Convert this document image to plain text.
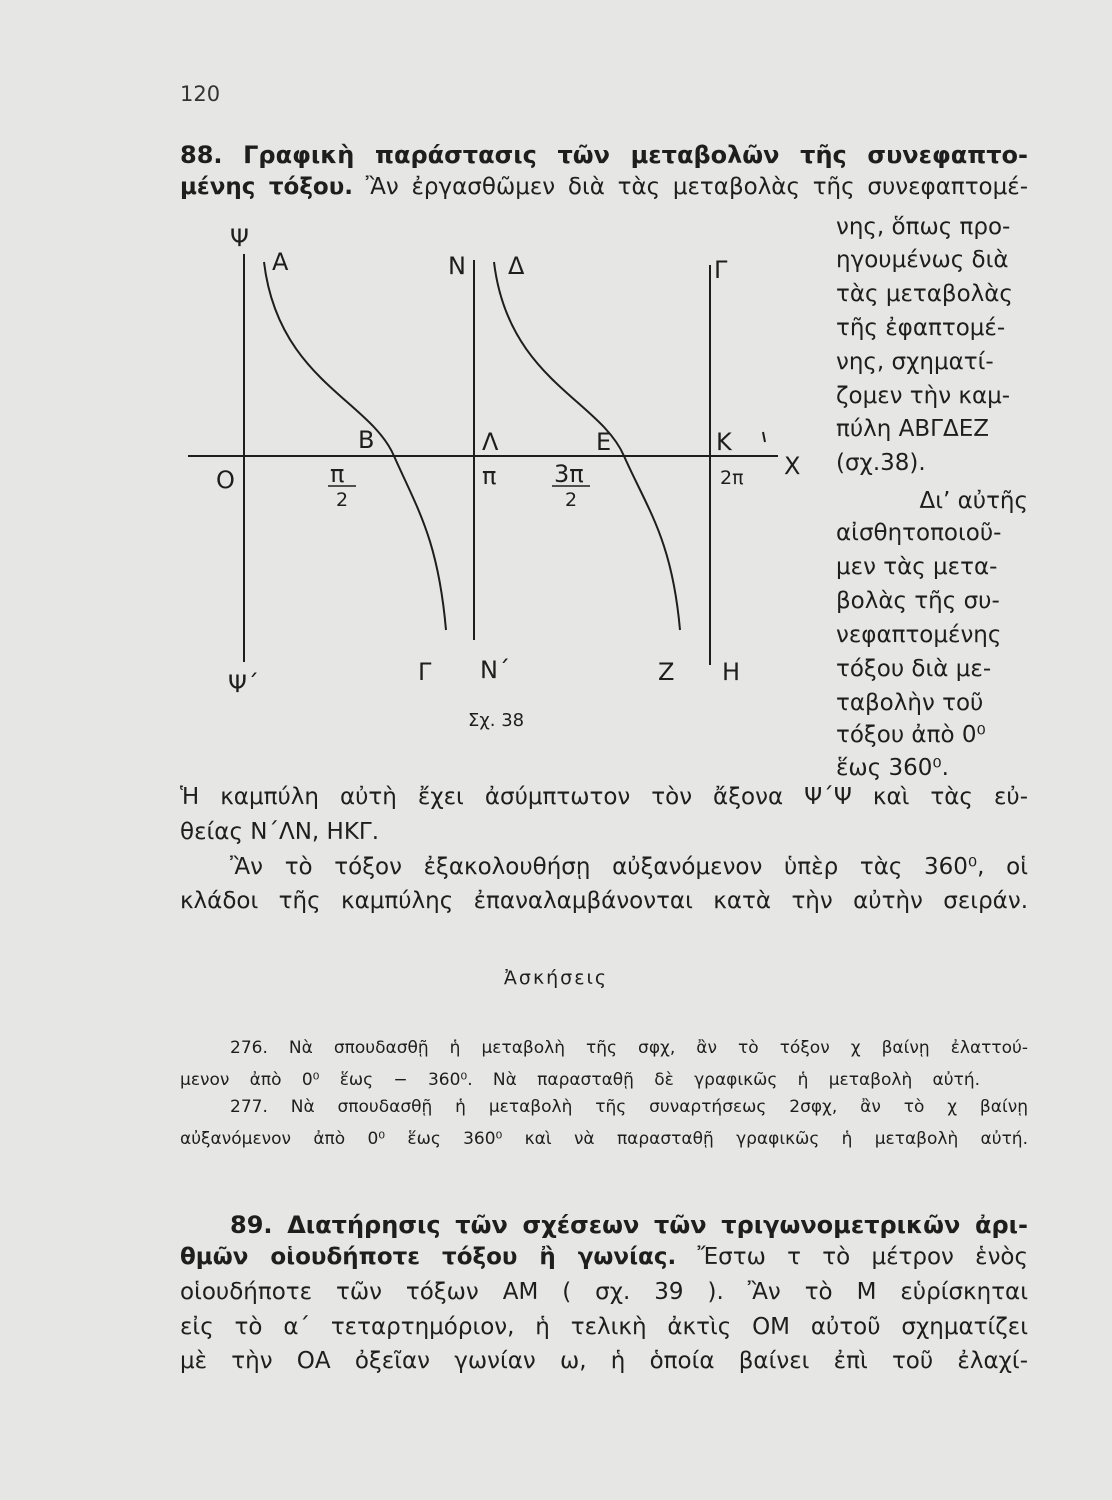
120
88. Γραφικὴ παράστασις τῶν μεταβολῶν τῆς συνεφαπτο-
μένης τόξου. Ἂν ἐργασθῶμεν διὰ τὰς μεταβολὰς τῆς συνεφαπτομέ-
νης, ὅπως προ-
ηγουμένως διὰ
τὰς μεταβολὰς
τῆς ἐφαπτομέ-
νης, σχηματί-
ζομεν τὴν καμ-
πύλη ΑΒΓΔΕΖ
(σχ.38).
Δι’ αὐτῆς
αἰσθητοποιοῦ-
μεν τὰς μετα-
βολὰς τῆς συ-
νεφαπτομένης
τόξου διὰ με-
ταβολὴν τοῦ
τόξου ἀπὸ 0⁰
ἕως 360⁰.
Ψ
Α	Ν Δ	Γ
Β	Λ	Ε	Κ
Ο	Χ
π
2
π 3π
2
2π
Γ Ν΄	Ζ Η
Ψ΄
Σχ. 38
Ἡ καμπύλη αὐτὴ ἔχει ἀσύμπτωτον τὸν ἄξονα Ψ΄Ψ καὶ τὰς εὐ-
θείας Ν΄ΛΝ, ΗΚΓ.
Ἂν τὸ τόξον ἐξακολουθήσῃ αὐξανόμενον ὑπὲρ τὰς 360⁰, οἱ
κλάδοι τῆς καμπύλης ἐπαναλαμβάνονται κατὰ τὴν αὐτὴν σειράν.
Ἀσκήσεις
276. Νὰ σπουδασθῇ ἡ μεταβολὴ τῆς σφχ, ἂν τὸ τόξον χ βαίνῃ ἐλαττού-
μενον ἀπὸ 0⁰ ἕως − 360⁰. Νὰ παρασταθῇ δὲ γραφικῶς ἡ μεταβολὴ αὐτή.
277. Νὰ σπουδασθῇ ἡ μεταβολὴ τῆς συναρτήσεως 2σφχ, ἂν τὸ χ βαίνῃ
αὐξανόμενον ἀπὸ 0⁰ ἕως 360⁰ καὶ νὰ παρασταθῇ γραφικῶς ἡ μεταβολὴ αὐτή.
89. Διατήρησις τῶν σχέσεων τῶν τριγωνομετρικῶν ἀρι-
θμῶν οἱουδήποτε τόξου ἢ γωνίας. Ἔστω τ τὸ μέτρον ἑνὸς
οἱουδήποτε τῶν τόξων ΑΜ ( σχ. 39 ). Ἂν τὸ Μ εὑρίσκηται
εἰς τὸ α΄ τεταρτημόριον, ἡ τελικὴ ἀκτὶς ΟΜ αὐτοῦ σχηματίζει
μὲ τὴν ΟΑ ὀξεῖαν γωνίαν ω, ἡ ὁποία βαίνει ἐπὶ τοῦ ἐλαχί-
